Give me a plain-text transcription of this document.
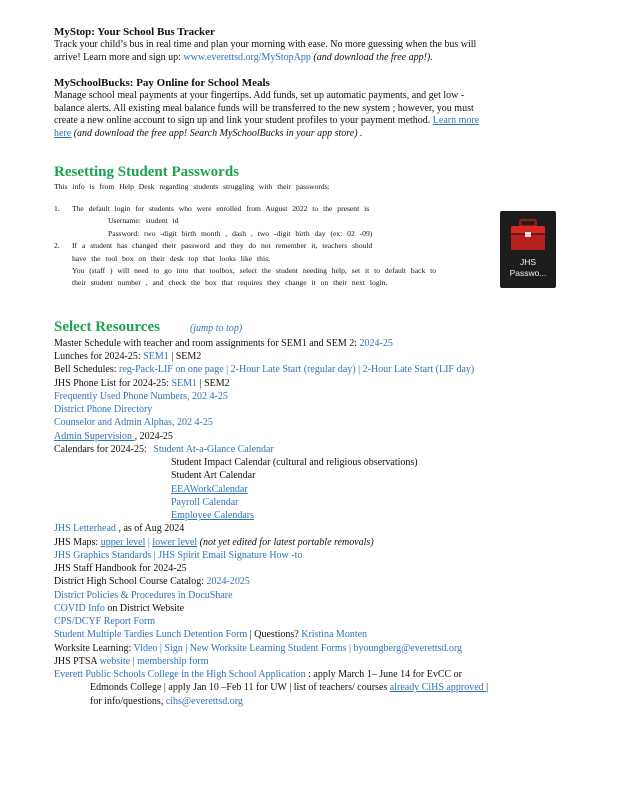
MyStop: Your School Bus Tracker

Track your child’s bus in real time and plan your morning with ease. No more guessing when the bus will

arrive! Learn more and sign up: www.everettsd.org/MyStopApp (and download the free app!).

MySchoolBucks: Pay Online for School Meals

Manage school meal payments at your fingertips. Add funds, set up automatic payments, and get low -

balance alerts. All existing meal balance funds will be transferred to the new system ; however, you must

create a new online account to sign up and link your student profiles to your payment method. Learn more

here (and download the free app! Search MySchoolBucks in your app store) .

Resetting Student Passwords

This info is from Help Desk regarding students struggling with their passwords:
1. The default login for students who were enrolled from August 2022 to the present is
Username: student id
Password: two -digit birth month , dash , two -digit birth day (ex: 02 -09)
2. If a student has changed their password and they do not remember it, teachers should
have the tool box on their desk top that looks like this:
You (staff ) will need to go into that toolbox, select the student needing help, set it to default back to
their student number , and check the box that requires they change it on their next login.

Select Resources	(jump to top)

Master Schedule with teacher and room assignments for SEM1 and SEM 2: 2024-25

Lunches for 2024-25: SEM1 | SEM2

Bell Schedules: reg-Pack-LIF on one page | 2-Hour Late Start (regular day) | 2-Hour Late Start (LIF day)

JHS Phone List for 2024-25: SEM1 | SEM2

Frequently Used Phone Numbers, 202 4-25

District Phone Directory

Counselor and Admin Alphas, 202 4-25

Admin Supervision , 2024-25

Calendars for 2024-25: Student At-a-Glance Calendar

Student Impact Calendar (cultural and religious observations)

Student Art Calendar

EEAWorkCalendar

Payroll Calendar

Employee Calendars

JHS Letterhead , as of Aug 2024

JHS Maps: upper level | lower level (not yet edited for latest portable removals)

JHS Graphics Standards | JHS Spirit Email Signature How -to

JHS Staff Handbook for 2024-25

District High School Course Catalog: 2024-2025

District Policies & Procedures in DocuShare

COVID Info on District Website

CPS/DCYF Report Form

Student Multiple Tardies Lunch Detention Form | Questions? Kristina Monten

Worksite Learning: Video | Sign | New Worksite Learning Student Forms | byoungberg@everettsd.org

JHS PTSA website | membership form

Everett Public Schools College in the High School Application : apply March 1– June 14 for EvCC or

Edmonds College | apply Jan 10 –Feb 11 for UW | list of teachers/ courses already CiHS approved |

for info/questions, cihs@everettsd.org

JHS
Passwo...
